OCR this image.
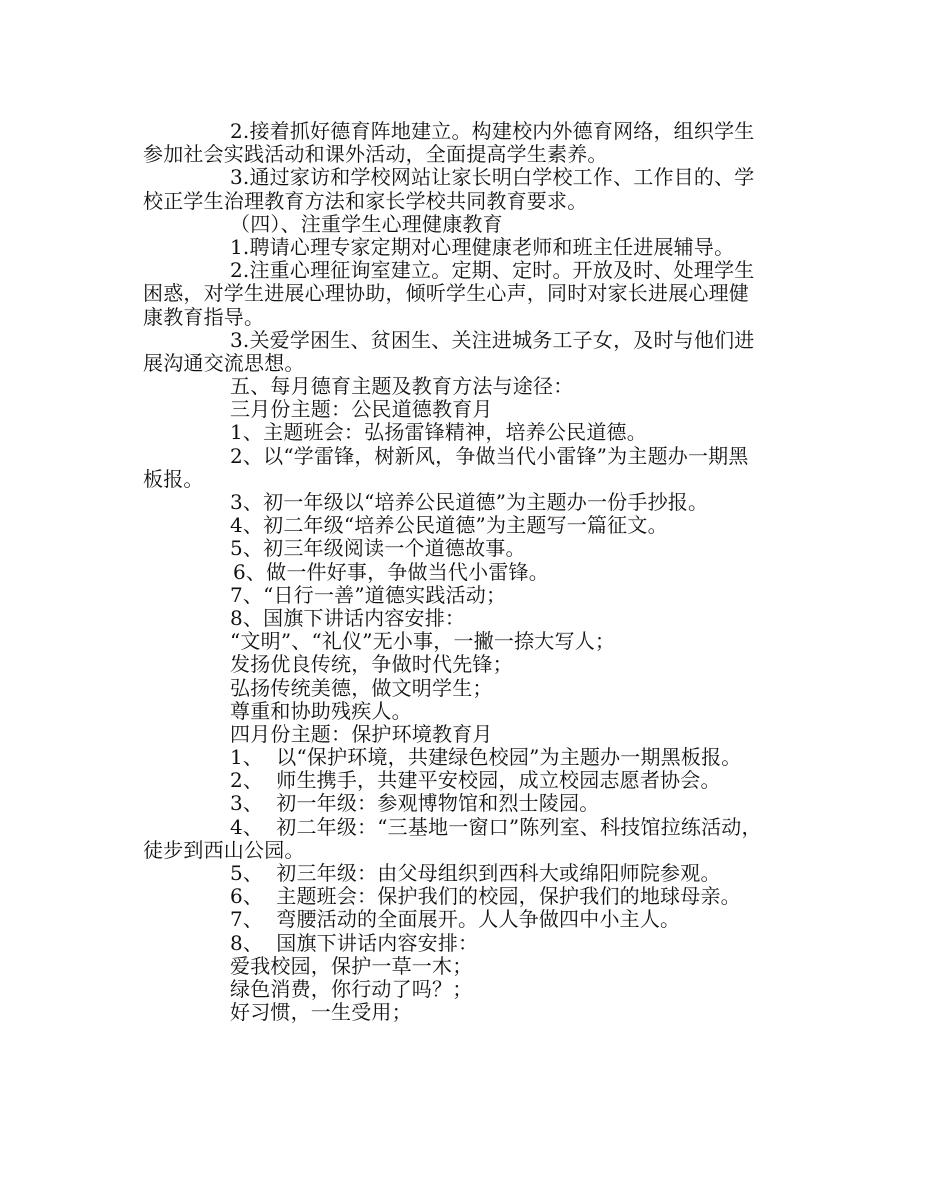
2.接着抓好德育阵地建立。构建校内外德育网络，组织学生
参加社会实践活动和课外活动，全面提高学生素养。
3.通过家访和学校网站让家长明白学校工作、工作目的、学
校正学生治理教育方法和家长学校共同教育要求。
（四）、注重学生心理健康教育
1.聘请心理专家定期对心理健康老师和班主任进展辅导。
2.注重心理征询室建立。定期、定时。开放及时、处理学生
困惑，对学生进展心理协助，倾听学生心声，同时对家长进展心理健
康教育指导。
3.关爱学困生、贫困生、关注进城务工子女，及时与他们进
展沟通交流思想。
五、每月德育主题及教育方法与途径：
三月份主题：公民道德教育月
1、主题班会：弘扬雷锋精神，培养公民道德。
2、以“学雷锋，树新风，争做当代小雷锋”为主题办一期黑
板报。
3、初一年级以“培养公民道德”为主题办一份手抄报。
4、初二年级“培养公民道德”为主题写一篇征文。
5、初三年级阅读一个道德故事。
6、做一件好事，争做当代小雷锋。
7、“日行一善”道德实践活动；
8、国旗下讲话内容安排：
“文明”、“礼仪”无小事，一撇一捺大写人；
发扬优良传统，争做时代先锋；
弘扬传统美德，做文明学生；
尊重和协助残疾人。
四月份主题：保护环境教育月
1、  以“保护环境，共建绿色校园”为主题办一期黑板报。
2、  师生携手，共建平安校园，成立校园志愿者协会。
3、  初一年级：参观博物馆和烈士陵园。
4、  初二年级：“三基地一窗口”陈列室、科技馆拉练活动，
徒步到西山公园。
5、  初三年级：由父母组织到西科大或绵阳师院参观。
6、  主题班会：保护我们的校园，保护我们的地球母亲。
7、  弯腰活动的全面展开。人人争做四中小主人。
8、  国旗下讲话内容安排：
爱我校园，保护一草一木；
绿色消费，你行动了吗？；
好习惯，一生受用；
